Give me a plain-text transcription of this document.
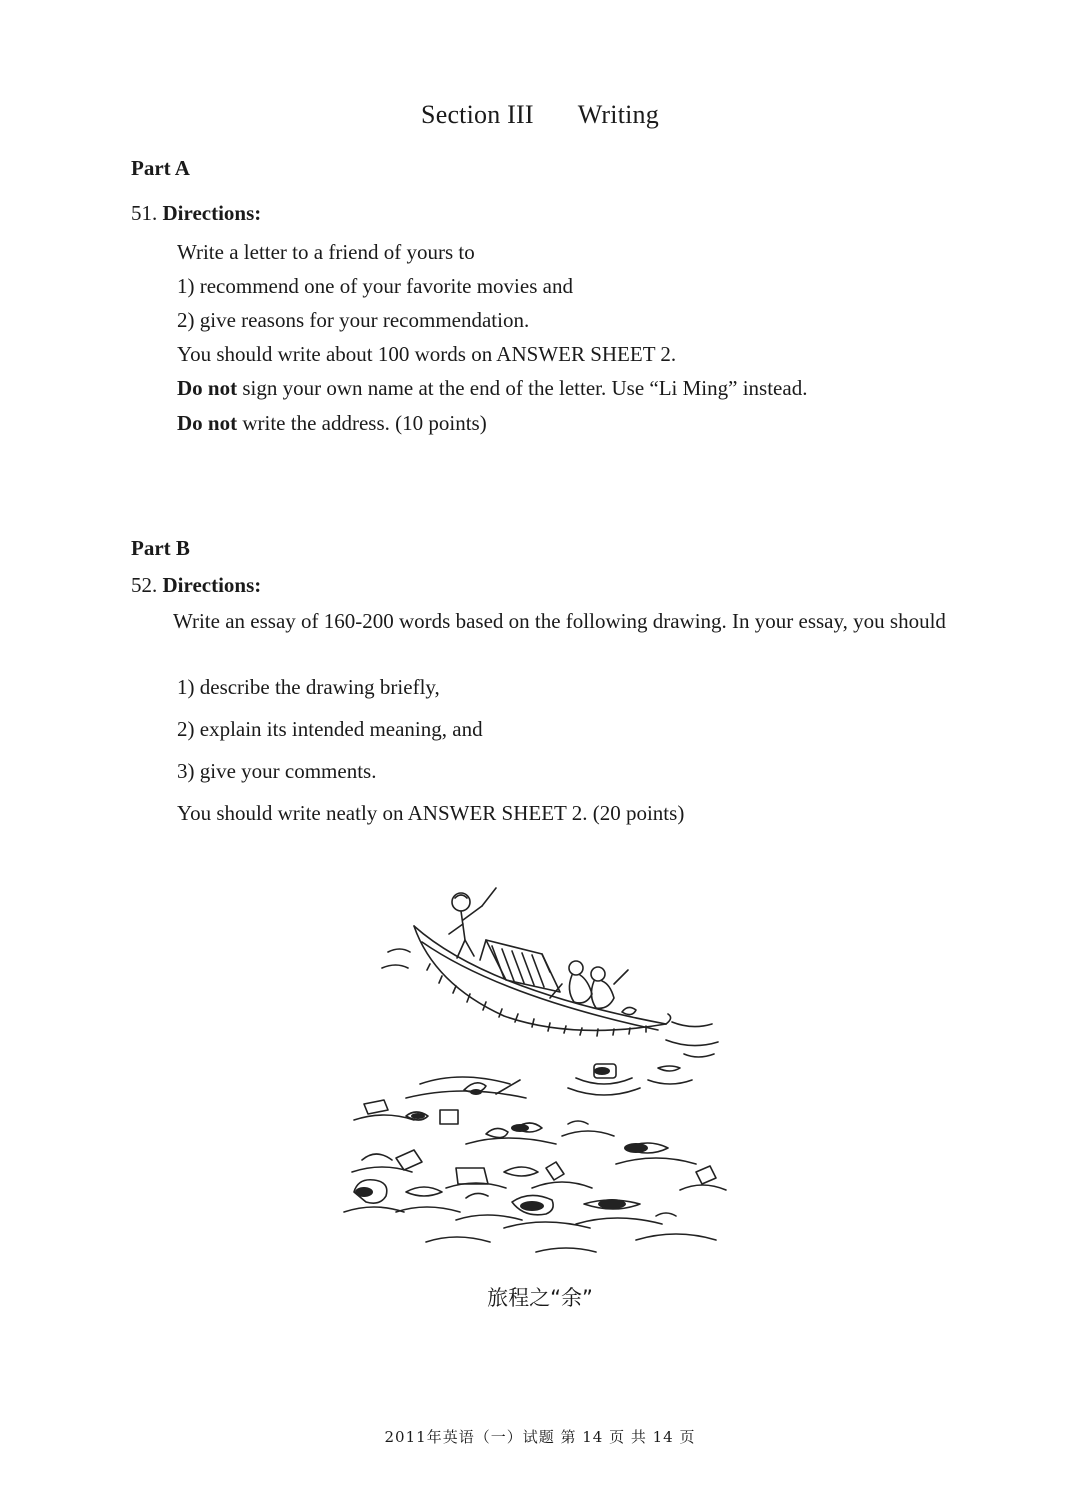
Section III Writing
Part A
51. Directions:
Write a letter to a friend of yours to
1) recommend one of your favorite movies and
2) give reasons for your recommendation.
You should write about 100 words on ANSWER SHEET 2.
Do not sign your own name at the end of the letter. Use “Li Ming” instead.
Do not write the address. (10 points)
Part B
52. Directions:
Write an essay of 160-200 words based on the following drawing. In your essay, you should
1) describe the drawing briefly,
2) explain its intended meaning, and
3) give your comments.
You should write neatly on ANSWER SHEET 2. (20 points)
旅程之“余”
2011年英语（一）试题 第 14 页 共 14 页
